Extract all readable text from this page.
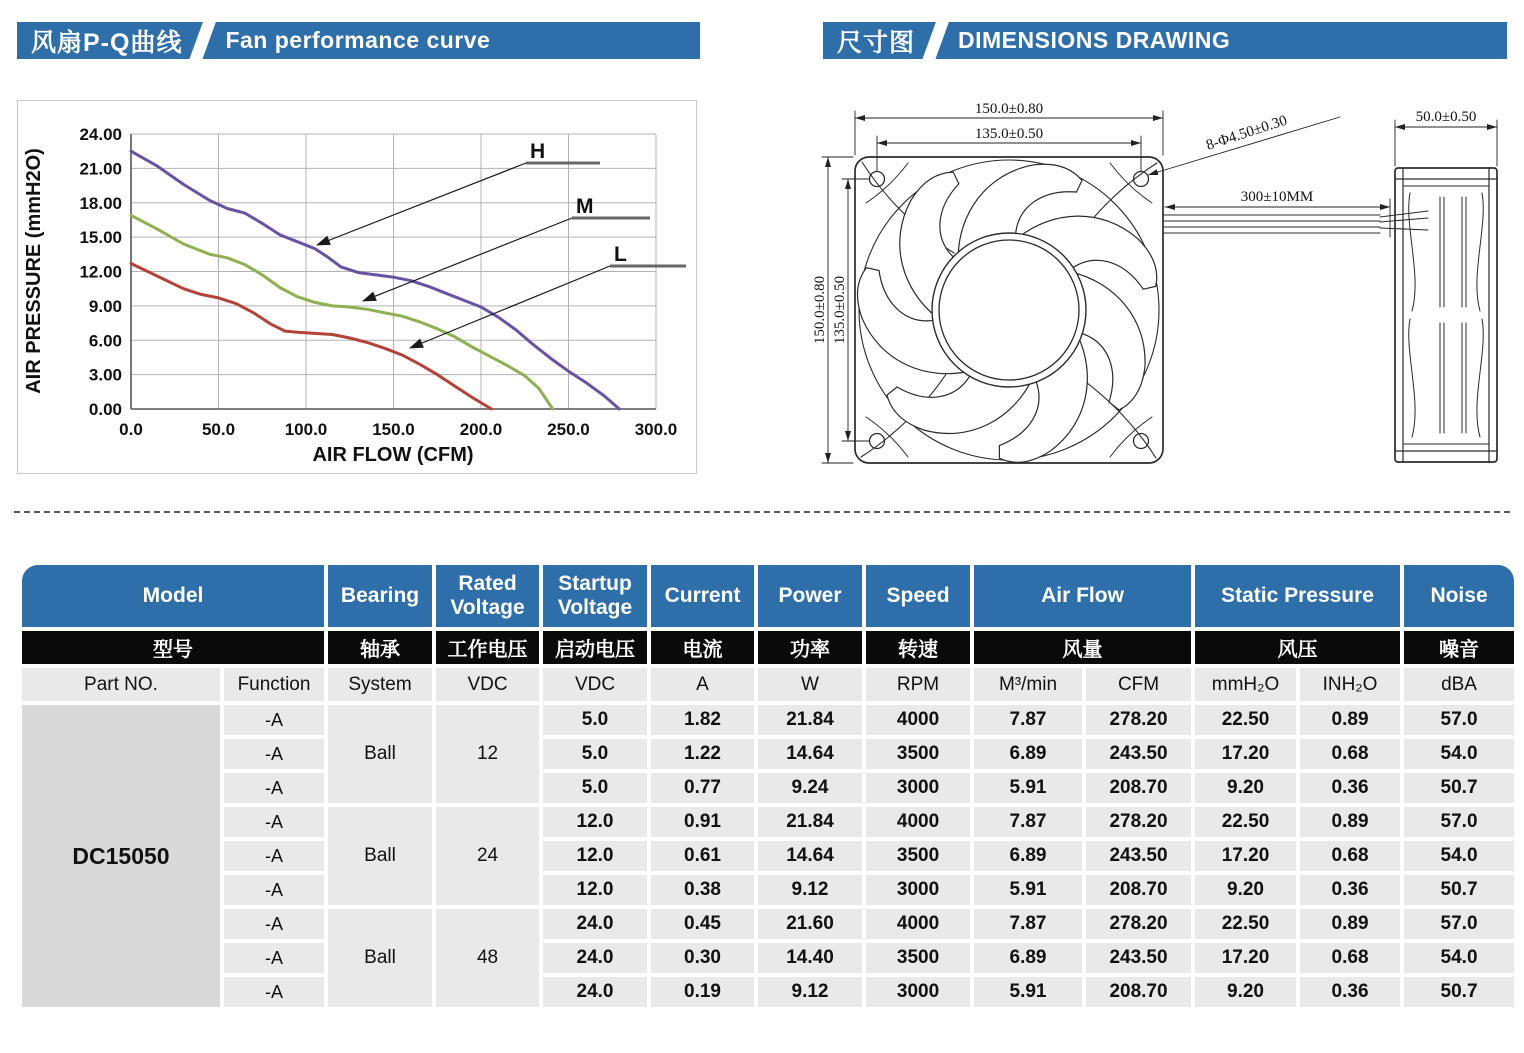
风扇P-Q曲线 Fan performance curve	尺寸图 DIMENSIONS DRAWING
H
M
L
0.0	50.0	100.0	150.0	200.0	250.0	300.0
0.00
3.00
6.00
9.00
12.00
15.00
18.00
21.00
24.00
AIR FLOW (CFM)
AIR PRESSURE (mmH2O)
150.0±0.80
135.0±0.50
150.0±0.80 135.0±0.50
8-Φ4.50±0.30
300±10MM
50.0±0.50
Model		Bearing	Rated Voltage	Startup Voltage	Current	Power	Speed	Air Flow		Static Pressure		Noise
型号		轴承	工作电压	启动电压	电流	功率	转速	风量		风压		噪音
Part NO.	Function	System	VDC	VDC	A	W	RPM	M³/min	CFM	mmH₂O	INH₂O	dBA
DC15050	-A	Ball	12	5.0	1.82	21.84	4000	7.87	278.20	22.50	0.89	57.0
	-A			5.0	1.22	14.64	3500	6.89	243.50	17.20	0.68	54.0
	-A			5.0	0.77	9.24	3000	5.91	208.70	9.20	0.36	50.7
	-A	Ball	24	12.0	0.91	21.84	4000	7.87	278.20	22.50	0.89	57.0
	-A			12.0	0.61	14.64	3500	6.89	243.50	17.20	0.68	54.0
	-A			12.0	0.38	9.12	3000	5.91	208.70	9.20	0.36	50.7
	-A	Ball	48	24.0	0.45	21.60	4000	7.87	278.20	22.50	0.89	57.0
	-A			24.0	0.30	14.40	3500	6.89	243.50	17.20	0.68	54.0
	-A			24.0	0.19	9.12	3000	5.91	208.70	9.20	0.36	50.7
